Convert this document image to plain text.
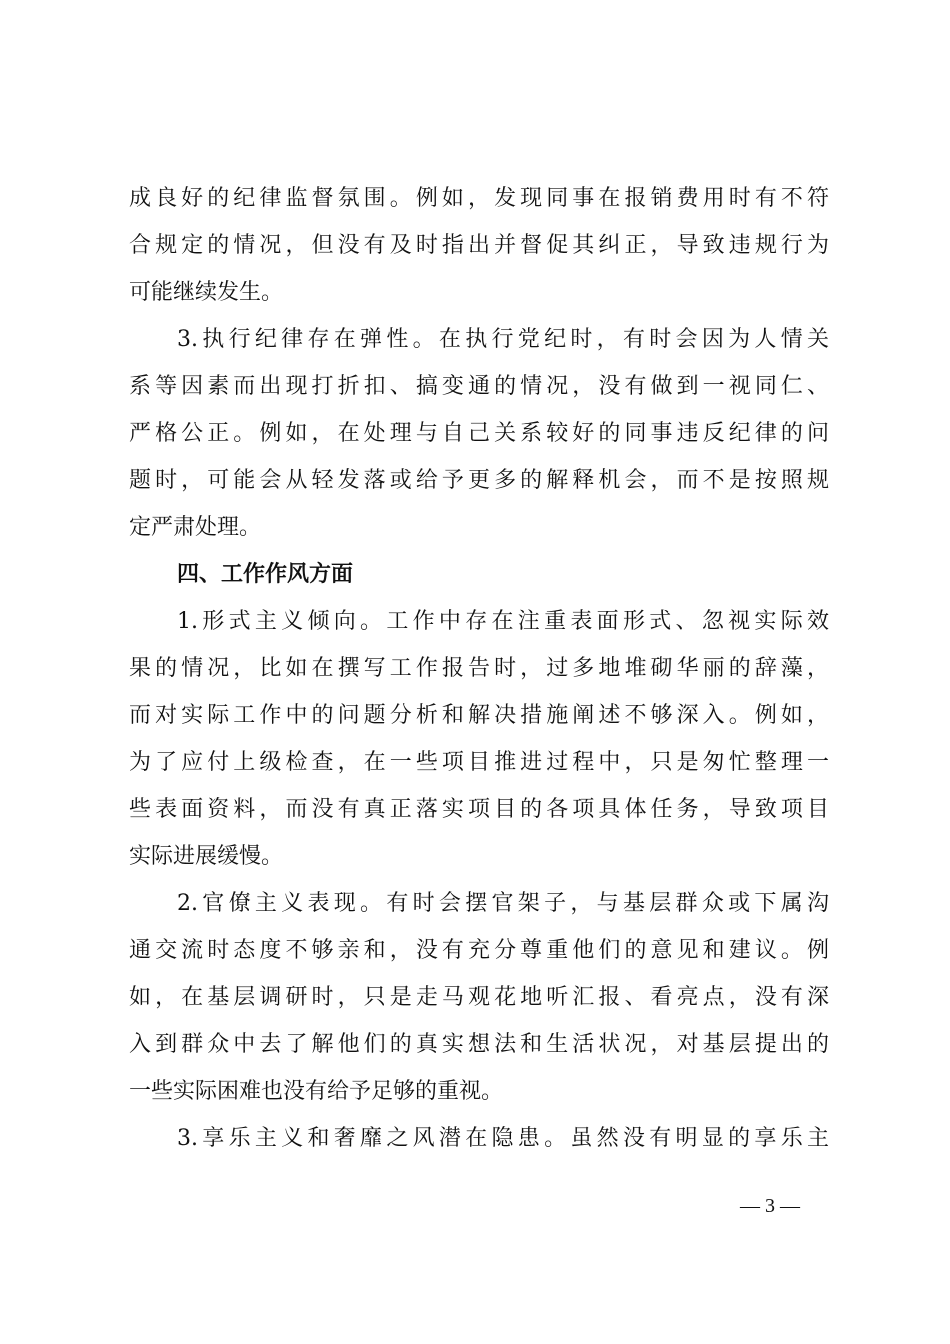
成良好的纪律监督氛围。例如，发现同事在报销费用时有不符
合规定的情况，但没有及时指出并督促其纠正，导致违规行为
可能继续发生。
3.执行纪律存在弹性。在执行党纪时，有时会因为人情关
系等因素而出现打折扣、搞变通的情况，没有做到一视同仁、
严格公正。例如，在处理与自己关系较好的同事违反纪律的问
题时，可能会从轻发落或给予更多的解释机会，而不是按照规
定严肃处理。
四、工作作风方面
1.形式主义倾向。工作中存在注重表面形式、忽视实际效
果的情况，比如在撰写工作报告时，过多地堆砌华丽的辞藻，
而对实际工作中的问题分析和解决措施阐述不够深入。例如，
为了应付上级检查，在一些项目推进过程中，只是匆忙整理一
些表面资料，而没有真正落实项目的各项具体任务，导致项目
实际进展缓慢。
2.官僚主义表现。有时会摆官架子，与基层群众或下属沟
通交流时态度不够亲和，没有充分尊重他们的意见和建议。例
如，在基层调研时，只是走马观花地听汇报、看亮点，没有深
入到群众中去了解他们的真实想法和生活状况，对基层提出的
一些实际困难也没有给予足够的重视。
3.享乐主义和奢靡之风潜在隐患。虽然没有明显的享乐主
— 3 —
